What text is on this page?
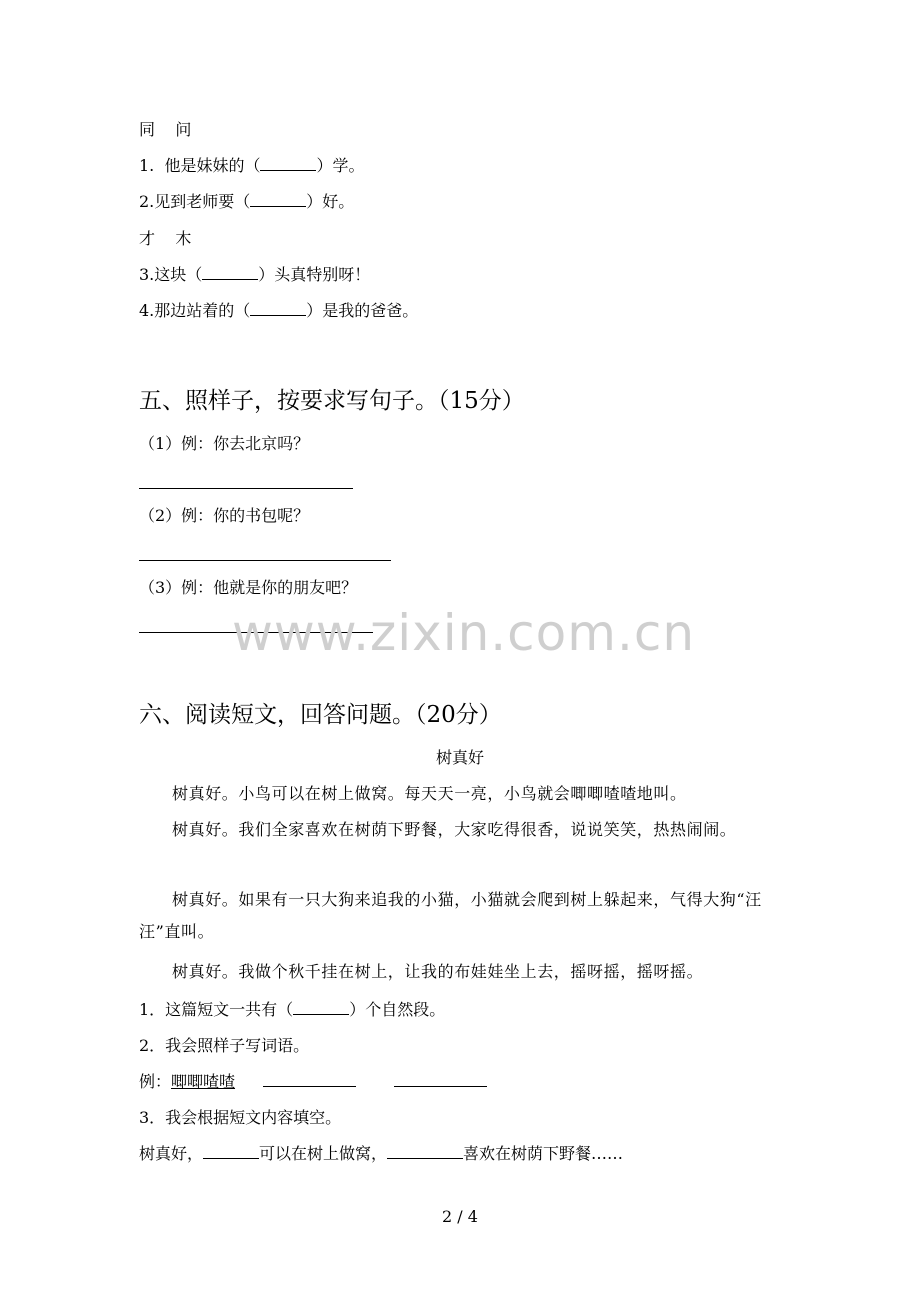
同    问
1.  他是妹妹的（	）学。
2.见到老师要（	）好。
才    木
3.这块（	）头真特别呀！
4.那边站着的（	）是我的爸爸。
五、照样子，按要求写句子。（15分）
（1）例：你去北京吗？
（2）例：你的书包呢？
（3）例：他就是你的朋友吧？
www.zixin.com.cn
六、阅读短文，回答问题。（20分）
树真好
树真好。小鸟可以在树上做窝。每天天一亮，小鸟就会唧唧喳喳地叫。
树真好。我们全家喜欢在树荫下野餐，大家吃得很香，说说笑笑，热热闹闹。
树真好。如果有一只大狗来追我的小猫，小猫就会爬到树上躲起来，气得大狗“汪汪”直叫。
树真好。我做个秋千挂在树上，让我的布娃娃坐上去，摇呀摇，摇呀摇。
1．这篇短文一共有（	）个自然段。
2．我会照样子写词语。
例：唧唧喳喳
3．我会根据短文内容填空。
树真好，	可以在树上做窝，	喜欢在树荫下野餐……
2 / 4
